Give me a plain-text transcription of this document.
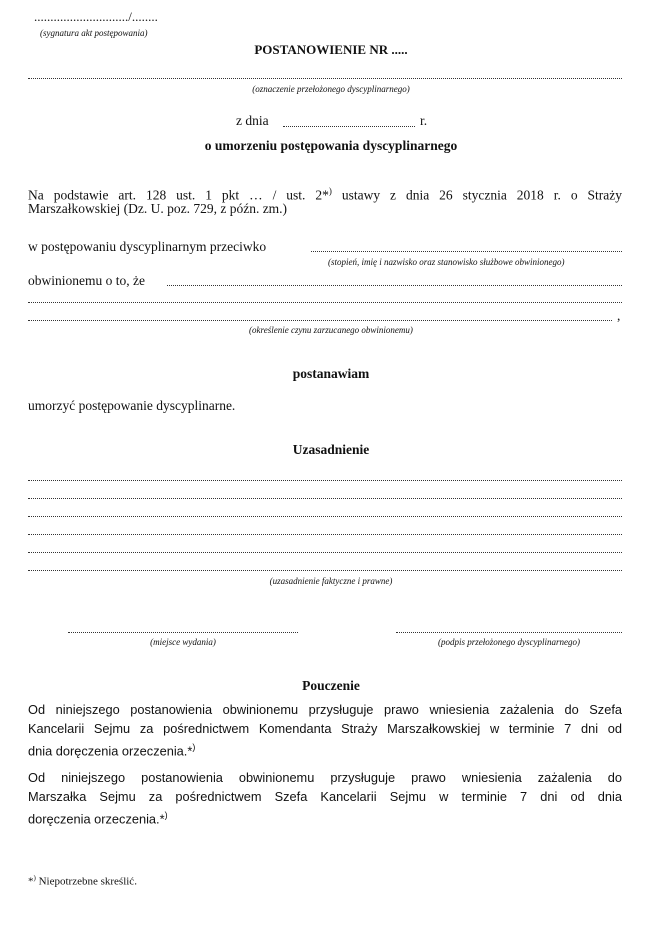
............................./........
(sygnatura akt postępowania)
POSTANOWIENIE NR .....
(oznaczenie przełożonego dyscyplinarnego)
z dnia	r.
o umorzeniu postępowania dyscyplinarnego
Na podstawie art. 128 ust. 1 pkt … / ust. 2*) ustawy z dnia 26 stycznia 2018 r. o Straży
Marszałkowskiej (Dz. U. poz. 729, z późn. zm.)
w postępowaniu dyscyplinarnym przeciwko
(stopień, imię i nazwisko oraz stanowisko służbowe obwinionego)
obwinionemu o to, że
,
(określenie czynu zarzucanego obwinionemu)
postanawiam
umorzyć postępowanie dyscyplinarne.
Uzasadnienie
(uzasadnienie faktyczne i prawne)
(miejsce wydania)	(podpis przełożonego dyscyplinarnego)
Pouczenie
Od niniejszego postanowienia obwinionemu przysługuje prawo wniesienia zażalenia do Szefa
Kancelarii Sejmu za pośrednictwem Komendanta Straży Marszałkowskiej w terminie 7 dni od
dnia doręczenia orzeczenia.*)
Od niniejszego postanowienia obwinionemu przysługuje prawo wniesienia zażalenia do
Marszałka Sejmu za pośrednictwem Szefa Kancelarii Sejmu w terminie 7 dni od dnia
doręczenia orzeczenia.*)
*) Niepotrzebne skreślić.
